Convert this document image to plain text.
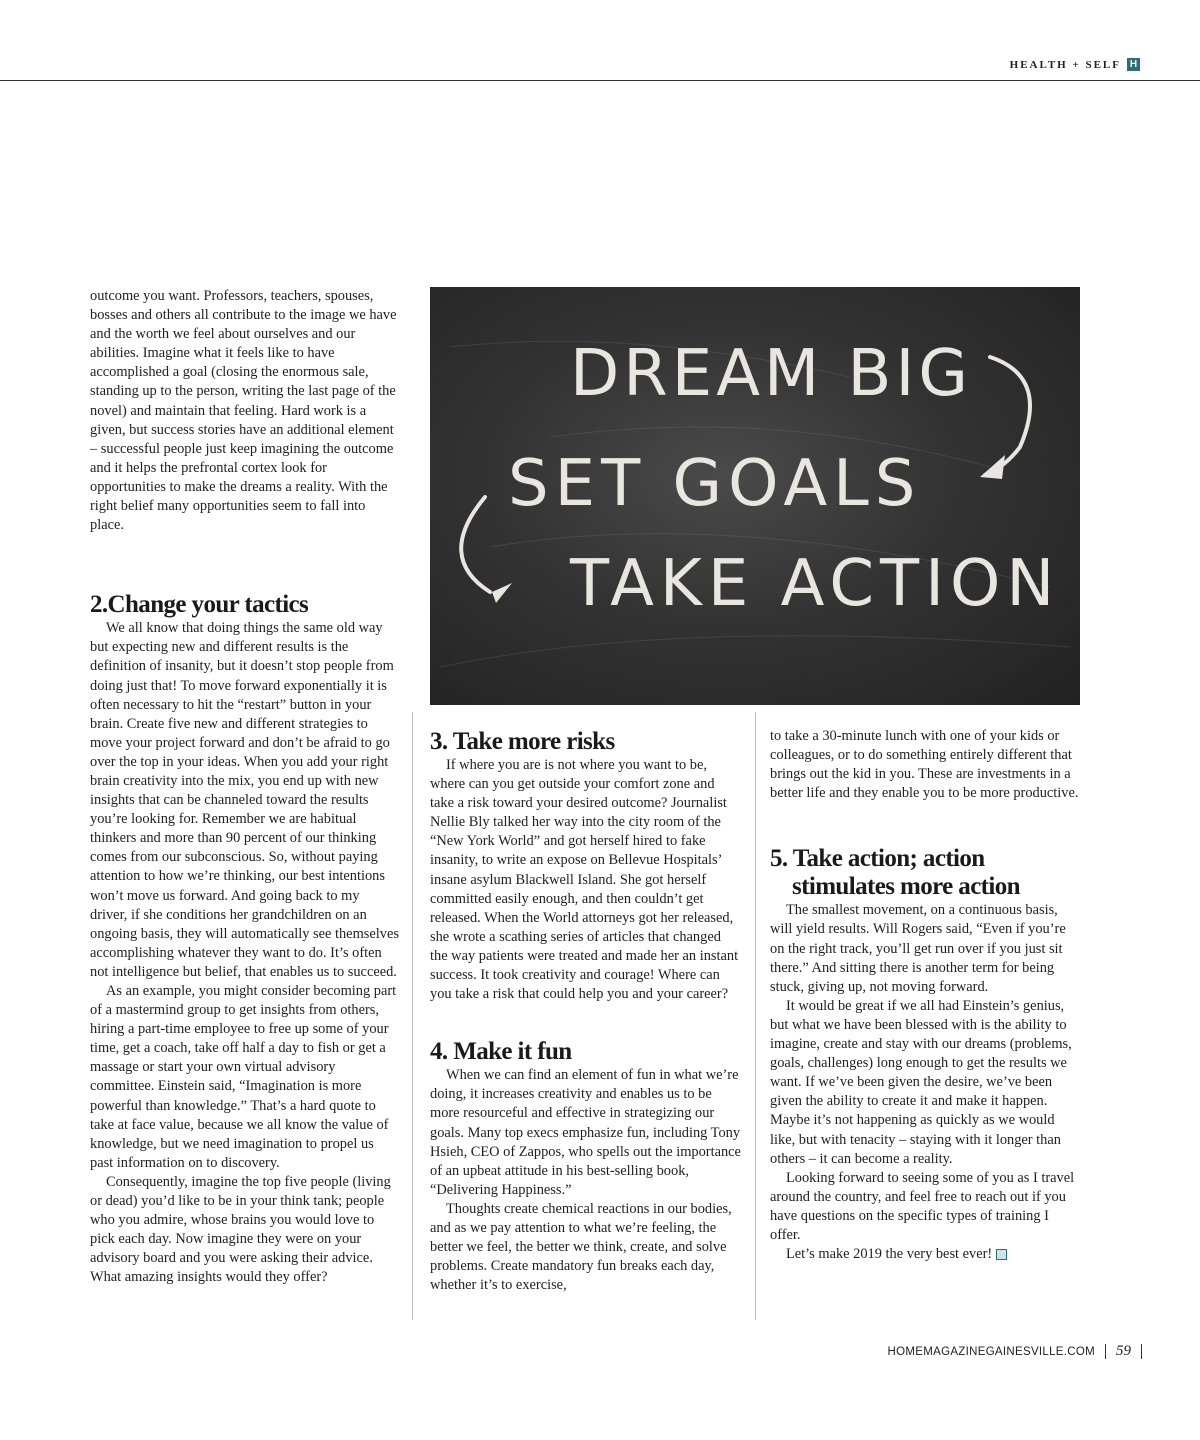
HEALTH + SELF H

outcome you want. Professors, teachers, spouses, bosses and others all contribute to the image we have and the worth we feel about ourselves and our abilities. Imagine what it feels like to have accomplished a goal (closing the enormous sale, standing up to the person, writing the last page of the novel) and maintain that feeling. Hard work is a given, but success stories have an additional element – successful people just keep imagining the outcome and it helps the prefrontal cortex look for opportunities to make the dreams a reality. With the right belief many opportunities seem to fall into place.

2.Change your tactics

We all know that doing things the same old way but expecting new and different results is the definition of insanity, but it doesn’t stop people from doing just that! To move forward exponentially it is often necessary to hit the “restart” button in your brain. Create five new and different strategies to move your project forward and don’t be afraid to go over the top in your ideas. When you add your right brain creativity into the mix, you end up with new insights that can be channeled toward the results you’re looking for. Remember we are habitual thinkers and more than 90 percent of our thinking comes from our subconscious. So, without paying attention to how we’re thinking, our best intentions won’t move us forward. And going back to my driver, if she conditions her grandchildren on an ongoing basis, they will automatically see themselves accomplishing whatever they want to do. It’s often not intelligence but belief, that enables us to succeed.

As an example, you might consider becoming part of a mastermind group to get insights from others, hiring a part-time employee to free up some of your time, get a coach, take off half a day to fish or get a massage or start your own virtual advisory committee. Einstein said, “Imagination is more powerful than knowledge.” That’s a hard quote to take at face value, because we all know the value of knowledge, but we need imagination to propel us past information on to discovery.

Consequently, imagine the top five people (living or dead) you’d like to be in your think tank; people who you admire, whose brains you would love to pick each day. Now imagine they were on your advisory board and you were asking their advice. What amazing insights would they offer?

DREAM BIG
SET GOALS
TAKE ACTION
3. Take more risks

If where you are is not where you want to be, where can you get outside your comfort zone and take a risk toward your desired outcome? Journalist Nellie Bly talked her way into the city room of the “New York World” and got herself hired to fake insanity, to write an expose on Bellevue Hospitals’ insane asylum Blackwell Island. She got herself committed easily enough, and then couldn’t get released. When the World attorneys got her released, she wrote a scathing series of articles that changed the way patients were treated and made her an instant success. It took creativity and courage! Where can you take a risk that could help you and your career?

4. Make it fun

When we can find an element of fun in what we’re doing, it increases creativity and enables us to be more resourceful and effective in strategizing our goals. Many top execs emphasize fun, including Tony Hsieh, CEO of Zappos, who spells out the importance of an upbeat attitude in his best-selling book, “Delivering Happiness.”

Thoughts create chemical reactions in our bodies, and as we pay attention to what we’re feeling, the better we feel, the better we think, create, and solve problems. Create mandatory fun breaks each day, whether it’s to exercise,

to take a 30-minute lunch with one of your kids or colleagues, or to do something entirely different that brings out the kid in you. These are investments in a better life and they enable you to be more productive.

5. Take action; action stimulates more action

The smallest movement, on a continuous basis, will yield results. Will Rogers said, “Even if you’re on the right track, you’ll get run over if you just sit there.” And sitting there is another term for being stuck, giving up, not moving forward.

It would be great if we all had Einstein’s genius, but what we have been blessed with is the ability to imagine, create and stay with our dreams (problems, goals, challenges) long enough to get the results we want. If we’ve been given the desire, we’ve been given the ability to create it and make it happen. Maybe it’s not happening as quickly as we would like, but with tenacity – staying with it longer than others – it can become a reality.

Looking forward to seeing some of you as I travel around the country, and feel free to reach out if you have questions on the specific types of training I offer.

Let’s make 2019 the very best ever!

HOMEMAGAZINEGAINESVILLE.COM 59
